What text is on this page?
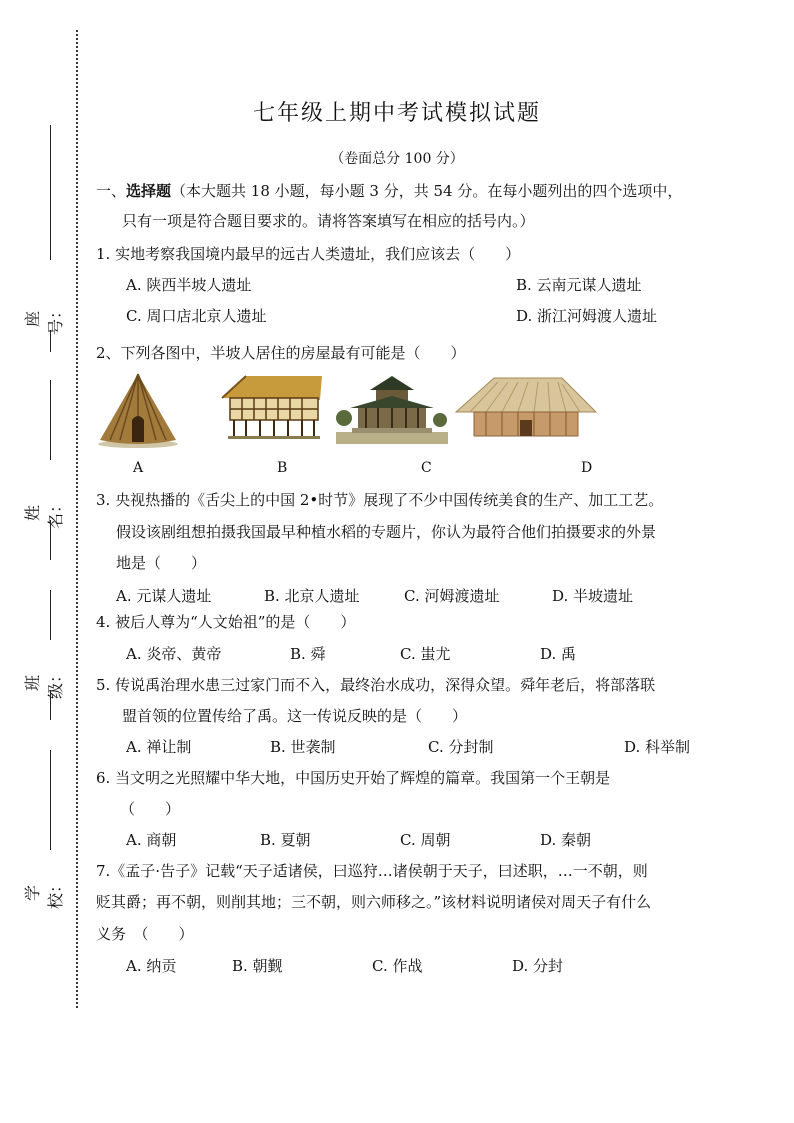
座号：
姓名：
班级：
学校：
七年级上期中考试模拟试题
（卷面总分 100 分）
一、选择题（本大题共 18 小题，每小题 3 分，共 54 分。在每小题列出的四个选项中，
只有一项是符合题目要求的。请将答案填写在相应的括号内。）
1. 实地考察我国境内最早的远古人类遗址，我们应该去（　　）
A. 陕西半坡人遗址	B. 云南元谋人遗址
C. 周口店北京人遗址	D. 浙江河姆渡人遗址
2、下列各图中，半坡人居住的房屋最有可能是（　　）
A	B	C	D
3. 央视热播的《舌尖上的中国 2•时节》展现了不少中国传统美食的生产、加工工艺。
假设该剧组想拍摄我国最早种植水稻的专题片，你认为最符合他们拍摄要求的外景
地是（　　）
A. 元谋人遗址	B. 北京人遗址	C. 河姆渡遗址	D. 半坡遗址
4. 被后人尊为“人文始祖”的是（　　）
A. 炎帝、黄帝	B. 舜	C. 蚩尤	D. 禹
5. 传说禹治理水患三过家门而不入，最终治水成功，深得众望。舜年老后，将部落联
盟首领的位置传给了禹。这一传说反映的是（　　）
A. 禅让制	B. 世袭制	C. 分封制	D. 科举制
6. 当文明之光照耀中华大地，中国历史开始了辉煌的篇章。我国第一个王朝是
（　　）
A. 商朝	B. 夏朝	C. 周朝	D. 秦朝
7.《孟子·告子》记载“天子适诸侯，曰巡狩…诸侯朝于天子，曰述职，…一不朝，则
贬其爵；再不朝，则削其地；三不朝，则六师移之。”该材料说明诸侯对周天子有什么
义务　（　　）
A. 纳贡	B. 朝觐	C. 作战	D. 分封
